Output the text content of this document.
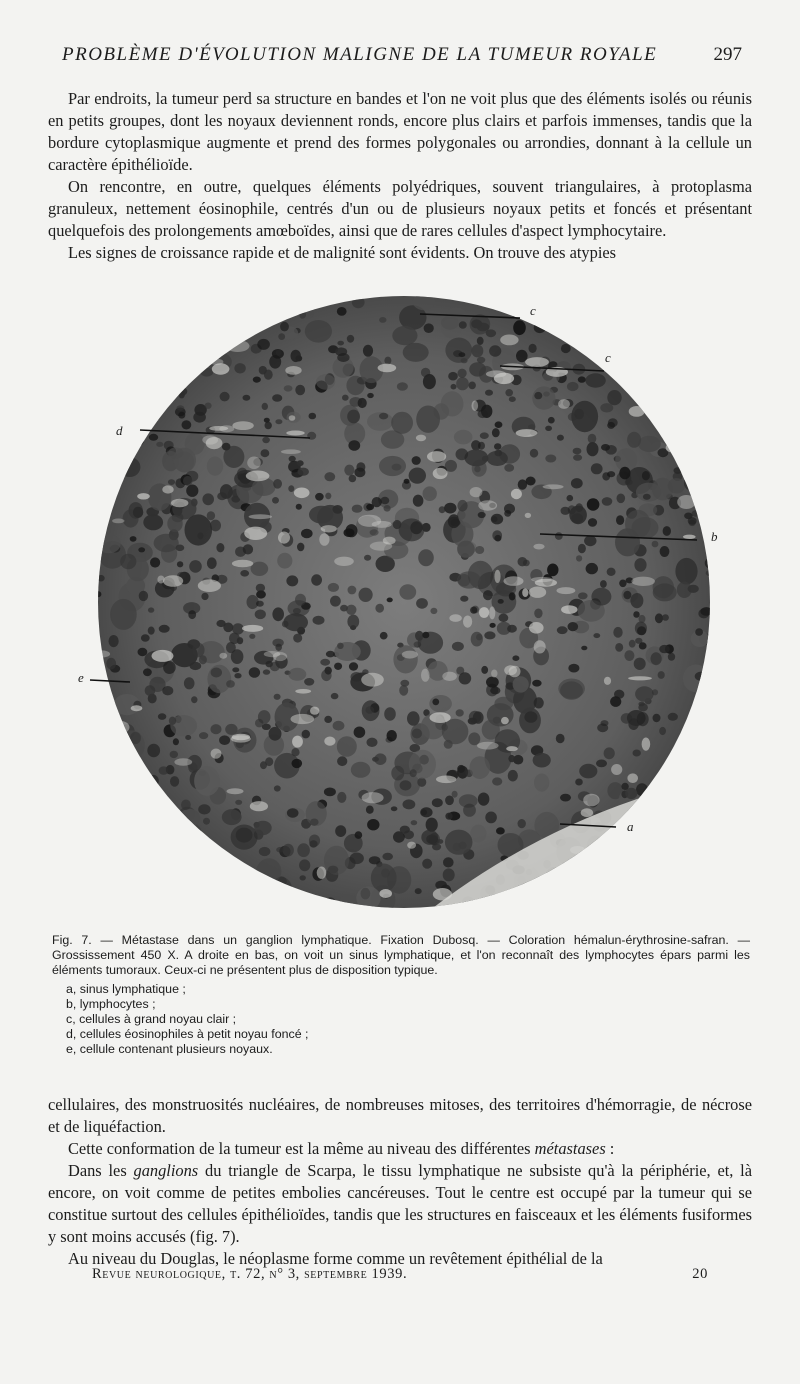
PROBLÈME D'ÉVOLUTION MALIGNE DE LA TUMEUR ROYALE	297

Par endroits, la tumeur perd sa structure en bandes et l'on ne voit plus que des éléments isolés ou réunis en petits groupes, dont les noyaux deviennent ronds, encore plus clairs et parfois immenses, tandis que la bordure cytoplasmique augmente et prend des formes polygonales ou arrondies, donnant à la cellule un caractère épithélioïde.

On rencontre, en outre, quelques éléments polyédriques, souvent triangulaires, à protoplasma granuleux, nettement éosinophile, centrés d'un ou de plusieurs noyaux petits et foncés et présentant quelquefois des prolongements amœboïdes, ainsi que de rares cellules d'aspect lymphocytaire.

Les signes de croissance rapide et de malignité sont évidents. On trouve des atypies

c
c
d
b
e
a

Fig. 7. — Métastase dans un ganglion lymphatique. Fixation Dubosq. — Coloration hémalun-érythrosine-safran. — Grossissement 450 X. A droite en bas, on voit un sinus lymphatique, et l'on reconnaît des lymphocytes épars parmi les éléments tumoraux. Ceux-ci ne présentent plus de disposition typique.

a, sinus lymphatique ;
b, lymphocytes ;
c, cellules à grand noyau clair ;
d, cellules éosinophiles à petit noyau foncé ;
e, cellule contenant plusieurs noyaux.

cellulaires, des monstruosités nucléaires, de nombreuses mitoses, des territoires d'hémorragie, de nécrose et de liquéfaction.

Cette conformation de la tumeur est la même au niveau des différentes métastases :

Dans les ganglions du triangle de Scarpa, le tissu lymphatique ne subsiste qu'à la périphérie, et, là encore, on voit comme de petites embolies cancéreuses. Tout le centre est occupé par la tumeur qui se constitue surtout des cellules épithélioïdes, tandis que les structures en faisceaux et les éléments fusiformes y sont moins accusés (fig. 7).

Au niveau du Douglas, le néoplasme forme comme un revêtement épithélial de la

Revue neurologique, t. 72, n° 3, septembre 1939.	20
